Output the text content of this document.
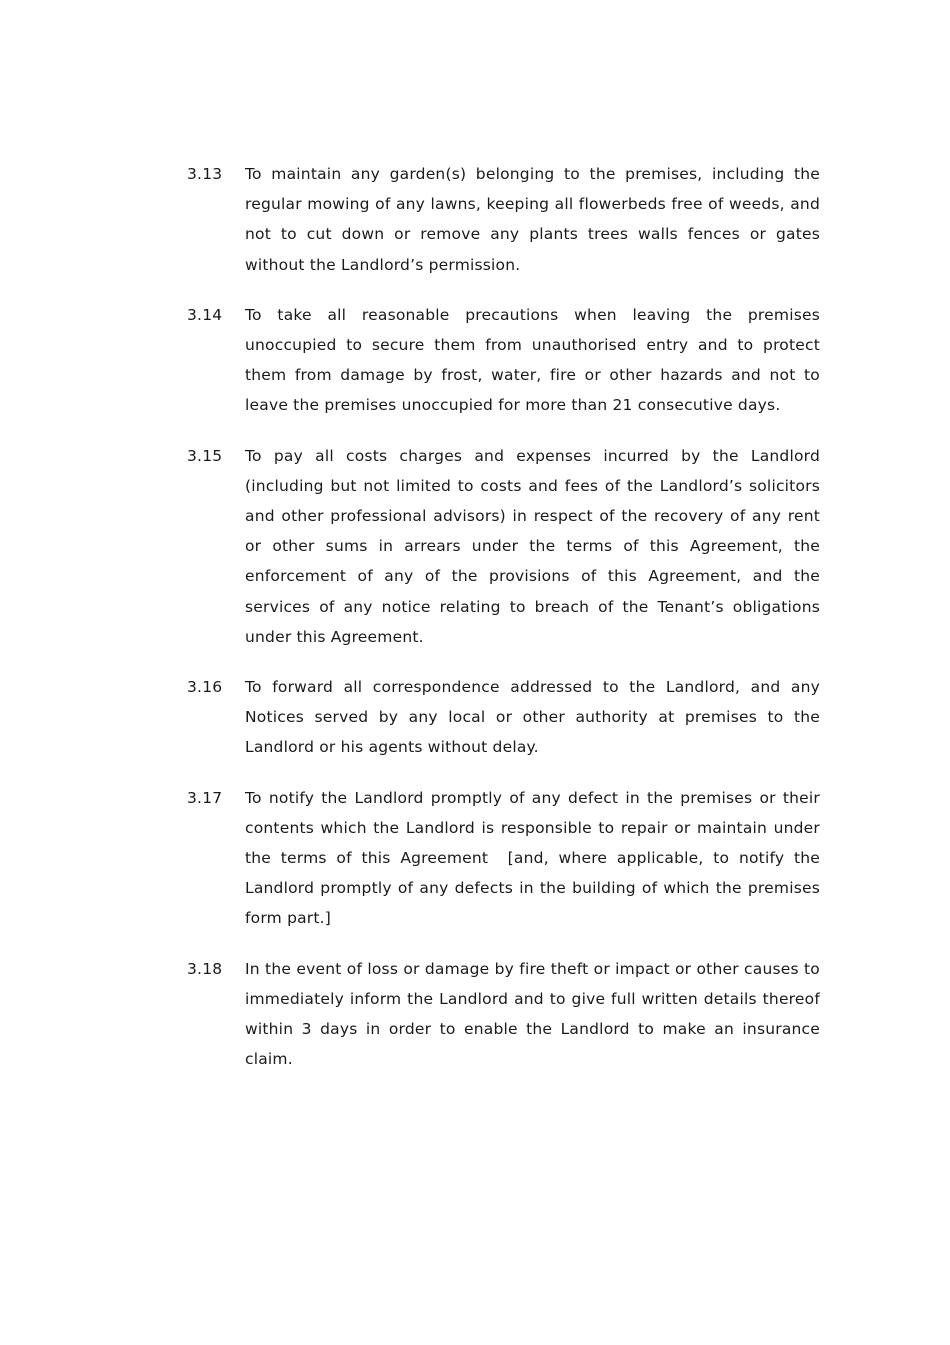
3.13	To maintain any garden(s) belonging to the premises, including the regular mowing of any lawns, keeping all flowerbeds free of weeds, and not to cut down or remove any plants trees walls fences or gates without the Landlord’s permission.
3.14	To take all reasonable precautions when leaving the premises unoccupied to secure them from unauthorised entry and to protect them from damage by frost, water, fire or other hazards and not to leave the premises unoccupied for more than 21 consecutive days.
3.15	To pay all costs charges and expenses incurred by the Landlord (including but not limited to costs and fees of the Landlord’s solicitors and other professional advisors) in respect of the recovery of any rent or other sums in arrears under the terms of this Agreement, the enforcement of any of the provisions of this Agreement, and the services of any notice relating to breach of the Tenant’s obligations under this Agreement.
3.16	To forward all correspondence addressed to the Landlord, and any Notices served by any local or other authority at premises to the Landlord or his agents without delay.
3.17	To notify the Landlord promptly of any defect in the premises or their contents which the Landlord is responsible to repair or maintain under the terms of this Agreement  [and, where applicable, to notify the Landlord promptly of any defects in the building of which the premises form part.]
3.18	In the event of loss or damage by fire theft or impact or other causes to immediately inform the Landlord and to give full written details thereof within 3 days in order to enable the Landlord to make an insurance claim.
